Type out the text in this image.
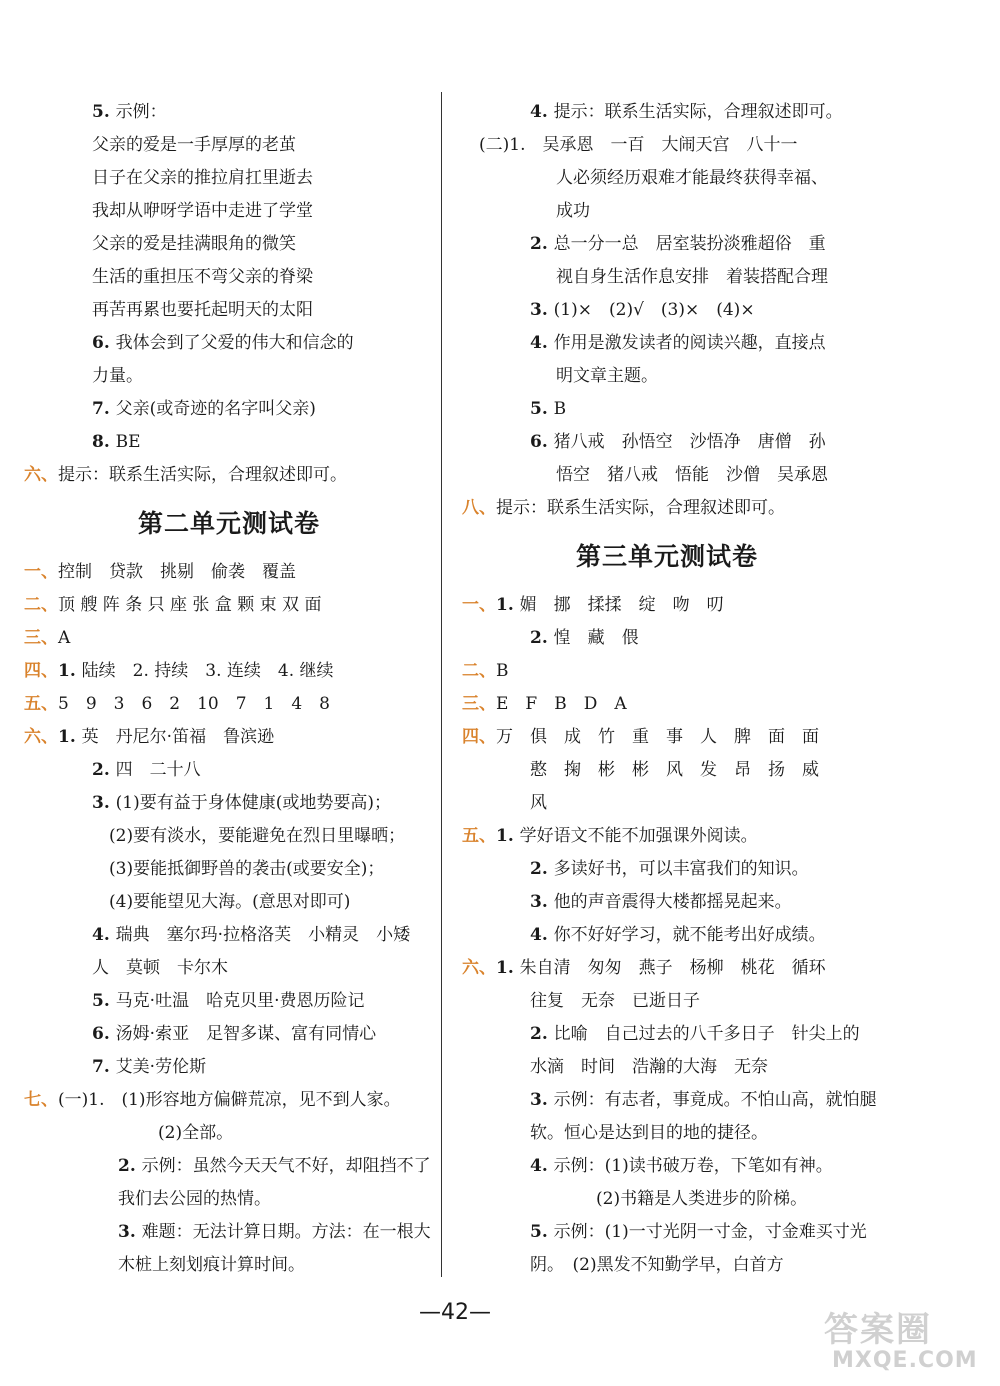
5. 示例：
父亲的爱是一手厚厚的老茧
日子在父亲的推拉肩扛里逝去
我却从咿呀学语中走进了学堂
父亲的爱是挂满眼角的微笑
生活的重担压不弯父亲的脊梁
再苦再累也要托起明天的太阳
6. 我体会到了父爱的伟大和信念的
力量。
7. 父亲(或奇迹的名字叫父亲)
8. BE
六、提示：联系生活实际，合理叙述即可。
第二单元测试卷
一、控制　贷款　挑剔　偷袭　覆盖
二、顶 艘 阵 条 只 座 张 盒 颗 束 双 面
三、A
四、1. 陆续　2. 持续　3. 连续　4. 继续
五、5　9　3　6　2　10　7　1　4　8
六、1. 英　丹尼尔·笛福　鲁滨逊
2. 四　二十八
3. (1)要有益于身体健康(或地势要高)；
　(2)要有淡水，要能避免在烈日里曝晒；
　(3)要能抵御野兽的袭击(或要安全)；
　(4)要能望见大海。(意思对即可)
4. 瑞典　塞尔玛·拉格洛芙　小精灵　小矮
人　莫顿　卡尔木
5. 马克·吐温　哈克贝里·费恩历险记
6. 汤姆·索亚　足智多谋、富有同情心
7. 艾美·劳伦斯
七、(一)1.　(1)形容地方偏僻荒凉，见不到人家。
(2)全部。
2. 示例：虽然今天天气不好，却阻挡不了
我们去公园的热情。
3. 难题：无法计算日期。方法：在一根大
木桩上刻划痕计算时间。
4. 提示：联系生活实际，合理叙述即可。
　(二)1.　吴承恩　一百　大闹天宫　八十一
人必须经历艰难才能最终获得幸福、
成功
2. 总一分一总　居室装扮淡雅超俗　重
视自身生活作息安排　着装搭配合理
3. (1)×　(2)√　(3)×　(4)×
4. 作用是激发读者的阅读兴趣，直接点
明文章主题。
5. B
6. 猪八戒　孙悟空　沙悟净　唐僧　孙
悟空　猪八戒　悟能　沙僧　吴承恩
八、提示：联系生活实际，合理叙述即可。
第三单元测试卷
一、1. 媚　挪　揉揉　绽　吻　叨
2. 惶　藏　偎
二、B
三、E　F　B　D　A
四、万　俱　成　竹　重　事　人　脾　面　面
憨　掬　彬　彬　风　发　昂　扬　威
风
五、1. 学好语文不能不加强课外阅读。
2. 多读好书，可以丰富我们的知识。
3. 他的声音震得大楼都摇晃起来。
4. 你不好好学习，就不能考出好成绩。
六、1. 朱自清　匆匆　燕子　杨柳　桃花　循环
往复　无奈　已逝日子
2. 比喻　自己过去的八千多日子　针尖上的
水滴　时间　浩瀚的大海　无奈
3. 示例：有志者，事竟成。不怕山高，就怕腿
软。恒心是达到目的地的捷径。
4. 示例：(1)读书破万卷，下笔如有神。
(2)书籍是人类进步的阶梯。
5. 示例：(1)一寸光阴一寸金，寸金难买寸光
阴。　(2)黑发不知勤学早，白首方
—42—	答案圈
MXQE.COM
